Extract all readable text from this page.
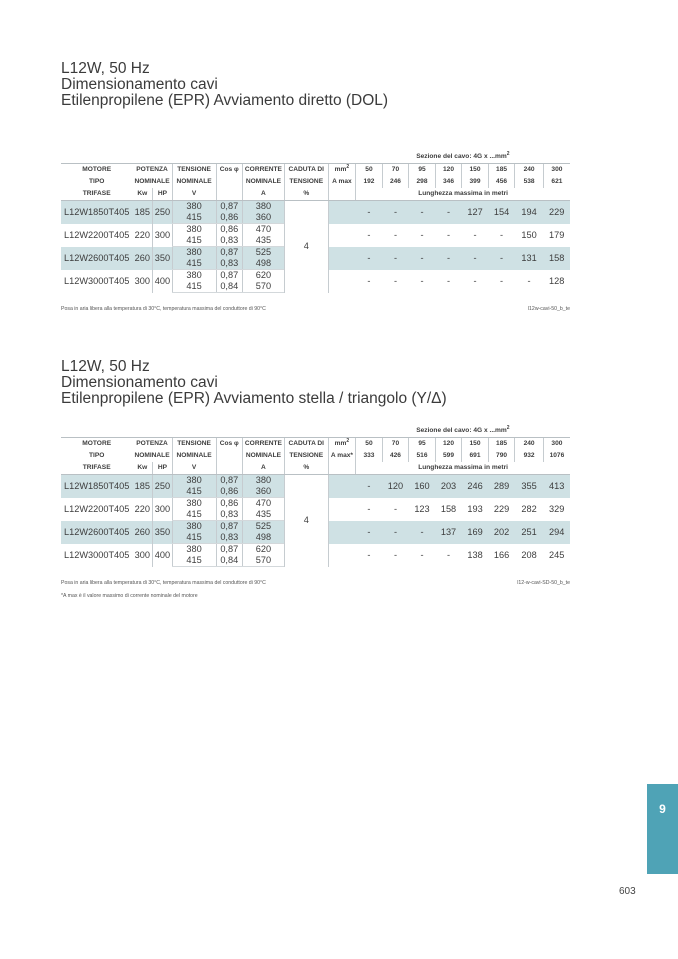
L12W, 50 Hz
Dimensionamento cavi
Etilenpropilene (EPR) Avviamento diretto (DOL)
								Sezione del cavo: 4G x $...mm^2$
MOTORE	POTENZA		TENSIONE	Cos φ	CORRENTE	CADUTA DI	$mm^2$	50	70	95	120	150	185	240	300
TIPO	NOMINALE		NOMINALE		NOMINALE	TENSIONE	A max	192	246	298	346	399	456	538	621
TRIFASE	Kw	HP	V		A	%		Lunghezza massima in metri							
L12W1850T405	185	250	380	0,87	380	4		-	-	-	-	127	154	194	229
			415	0,86	360										
L12W2200T405	220	300	380	0,86	470			-	-	-	-	-	-	150	179
			415	0,83	435										
L12W2600T405	260	350	380	0,87	525			-	-	-	-	-	-	131	158
			415	0,83	498										
L12W3000T405	300	400	380	0,87	620			-	-	-	-	-	-	-	128
			415	0,84	570										
Posa in aria libera alla temperatura di 30°C, temperatura massima del conduttore di 90°C	l12w-cavi-50_b_te
L12W, 50 Hz
Dimensionamento cavi
Etilenpropilene (EPR) Avviamento stella / triangolo (Y/Δ)
								Sezione del cavo: 4G x $...mm^2$
MOTORE	POTENZA		TENSIONE	Cos φ	CORRENTE	CADUTA DI	$mm^2$	50	70	95	120	150	185	240	300
TIPO	NOMINALE		NOMINALE		NOMINALE	TENSIONE	A max*	333	426	516	599	691	790	932	1076
TRIFASE	Kw	HP	V		A	%		Lunghezza massima in metri							
L12W1850T405	185	250	380	0,87	380	4		-	120	160	203	246	289	355	413
			415	0,86	360										
L12W2200T405	220	300	380	0,86	470			-	-	123	158	193	229	282	329
			415	0,83	435										
L12W2600T405	260	350	380	0,87	525			-	-	-	137	169	202	251	294
			415	0,83	498										
L12W3000T405	300	400	380	0,87	620			-	-	-	-	138	166	208	245
			415	0,84	570										
Posa in aria libera alla temperatura di 30°C, temperatura massima del conduttore di 90°C	l12-w-cavi-SD-50_b_te
*A max è il valore massimo di corrente nominale del motore
9
603
